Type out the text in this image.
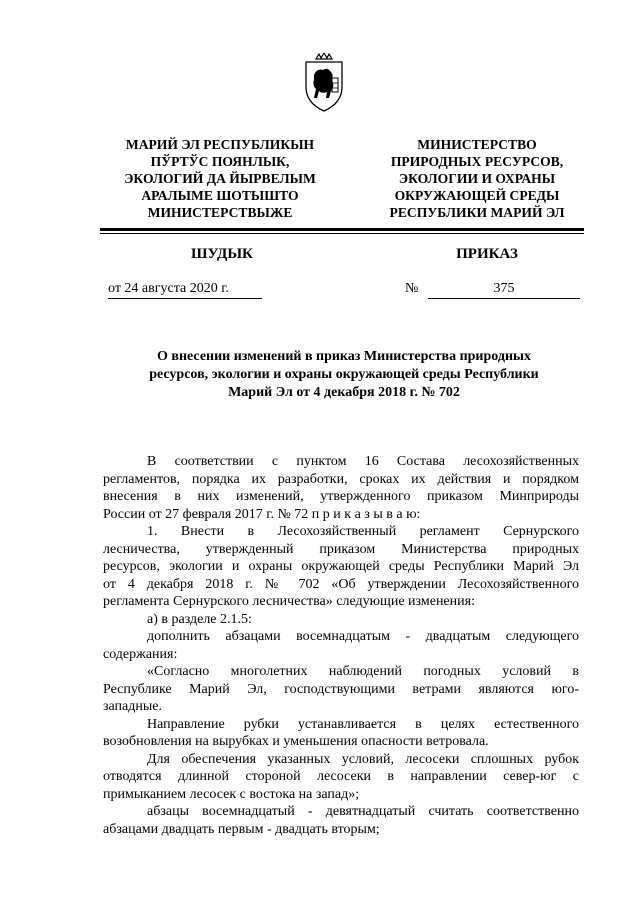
МАРИЙ ЭЛ РЕСПУБЛИКЫН
ПЎРТЎС ПОЯНЛЫК,
ЭКОЛОГИЙ ДА ЙЫРВЕЛЫМ
АРАЛЫМЕ ШОТЫШТО
МИНИСТЕРСТВЫЖЕ
МИНИСТЕРСТВО
ПРИРОДНЫХ РЕСУРСОВ,
ЭКОЛОГИИ И ОХРАНЫ
ОКРУЖАЮЩЕЙ СРЕДЫ
РЕСПУБЛИКИ МАРИЙ ЭЛ
ШУДЫК	ПРИКАЗ
от 24 августа 2020 г.	№	375
О внесении изменений в приказ Министерства природных
ресурсов, экологии и охраны окружающей среды Республики
Марий Эл от 4 декабря 2018 г. № 702
В соответствии с пунктом 16 Состава лесохозяйственных
регламентов, порядка их разработки, сроках их действия и порядком
внесения в них изменений, утвержденного приказом Минприроды
России от 27 февраля 2017 г. № 72 п р и к а з ы в а ю:
1. Внести в Лесохозяйственный регламент Сернурского
лесничества, утвержденный приказом Министерства природных
ресурсов, экологии и охраны окружающей среды Республики Марий Эл
от 4 декабря 2018 г. № 702 «Об утверждении Лесохозяйственного
регламента Сернурского лесничества» следующие изменения:
а) в разделе 2.1.5:
дополнить абзацами восемнадцатым - двадцатым следующего
содержания:
«Согласно многолетних наблюдений погодных условий в
Республике Марий Эл, господствующими ветрами являются юго-
западные.
Направление рубки устанавливается в целях естественного
возобновления на вырубках и уменьшения опасности ветровала.
Для обеспечения указанных условий, лесосеки сплошных рубок
отводятся длинной стороной лесосеки в направлении север-юг с
примыканием лесосек с востока на запад»;
абзацы восемнадцатый - девятнадцатый считать соответственно
абзацами двадцать первым - двадцать вторым;
